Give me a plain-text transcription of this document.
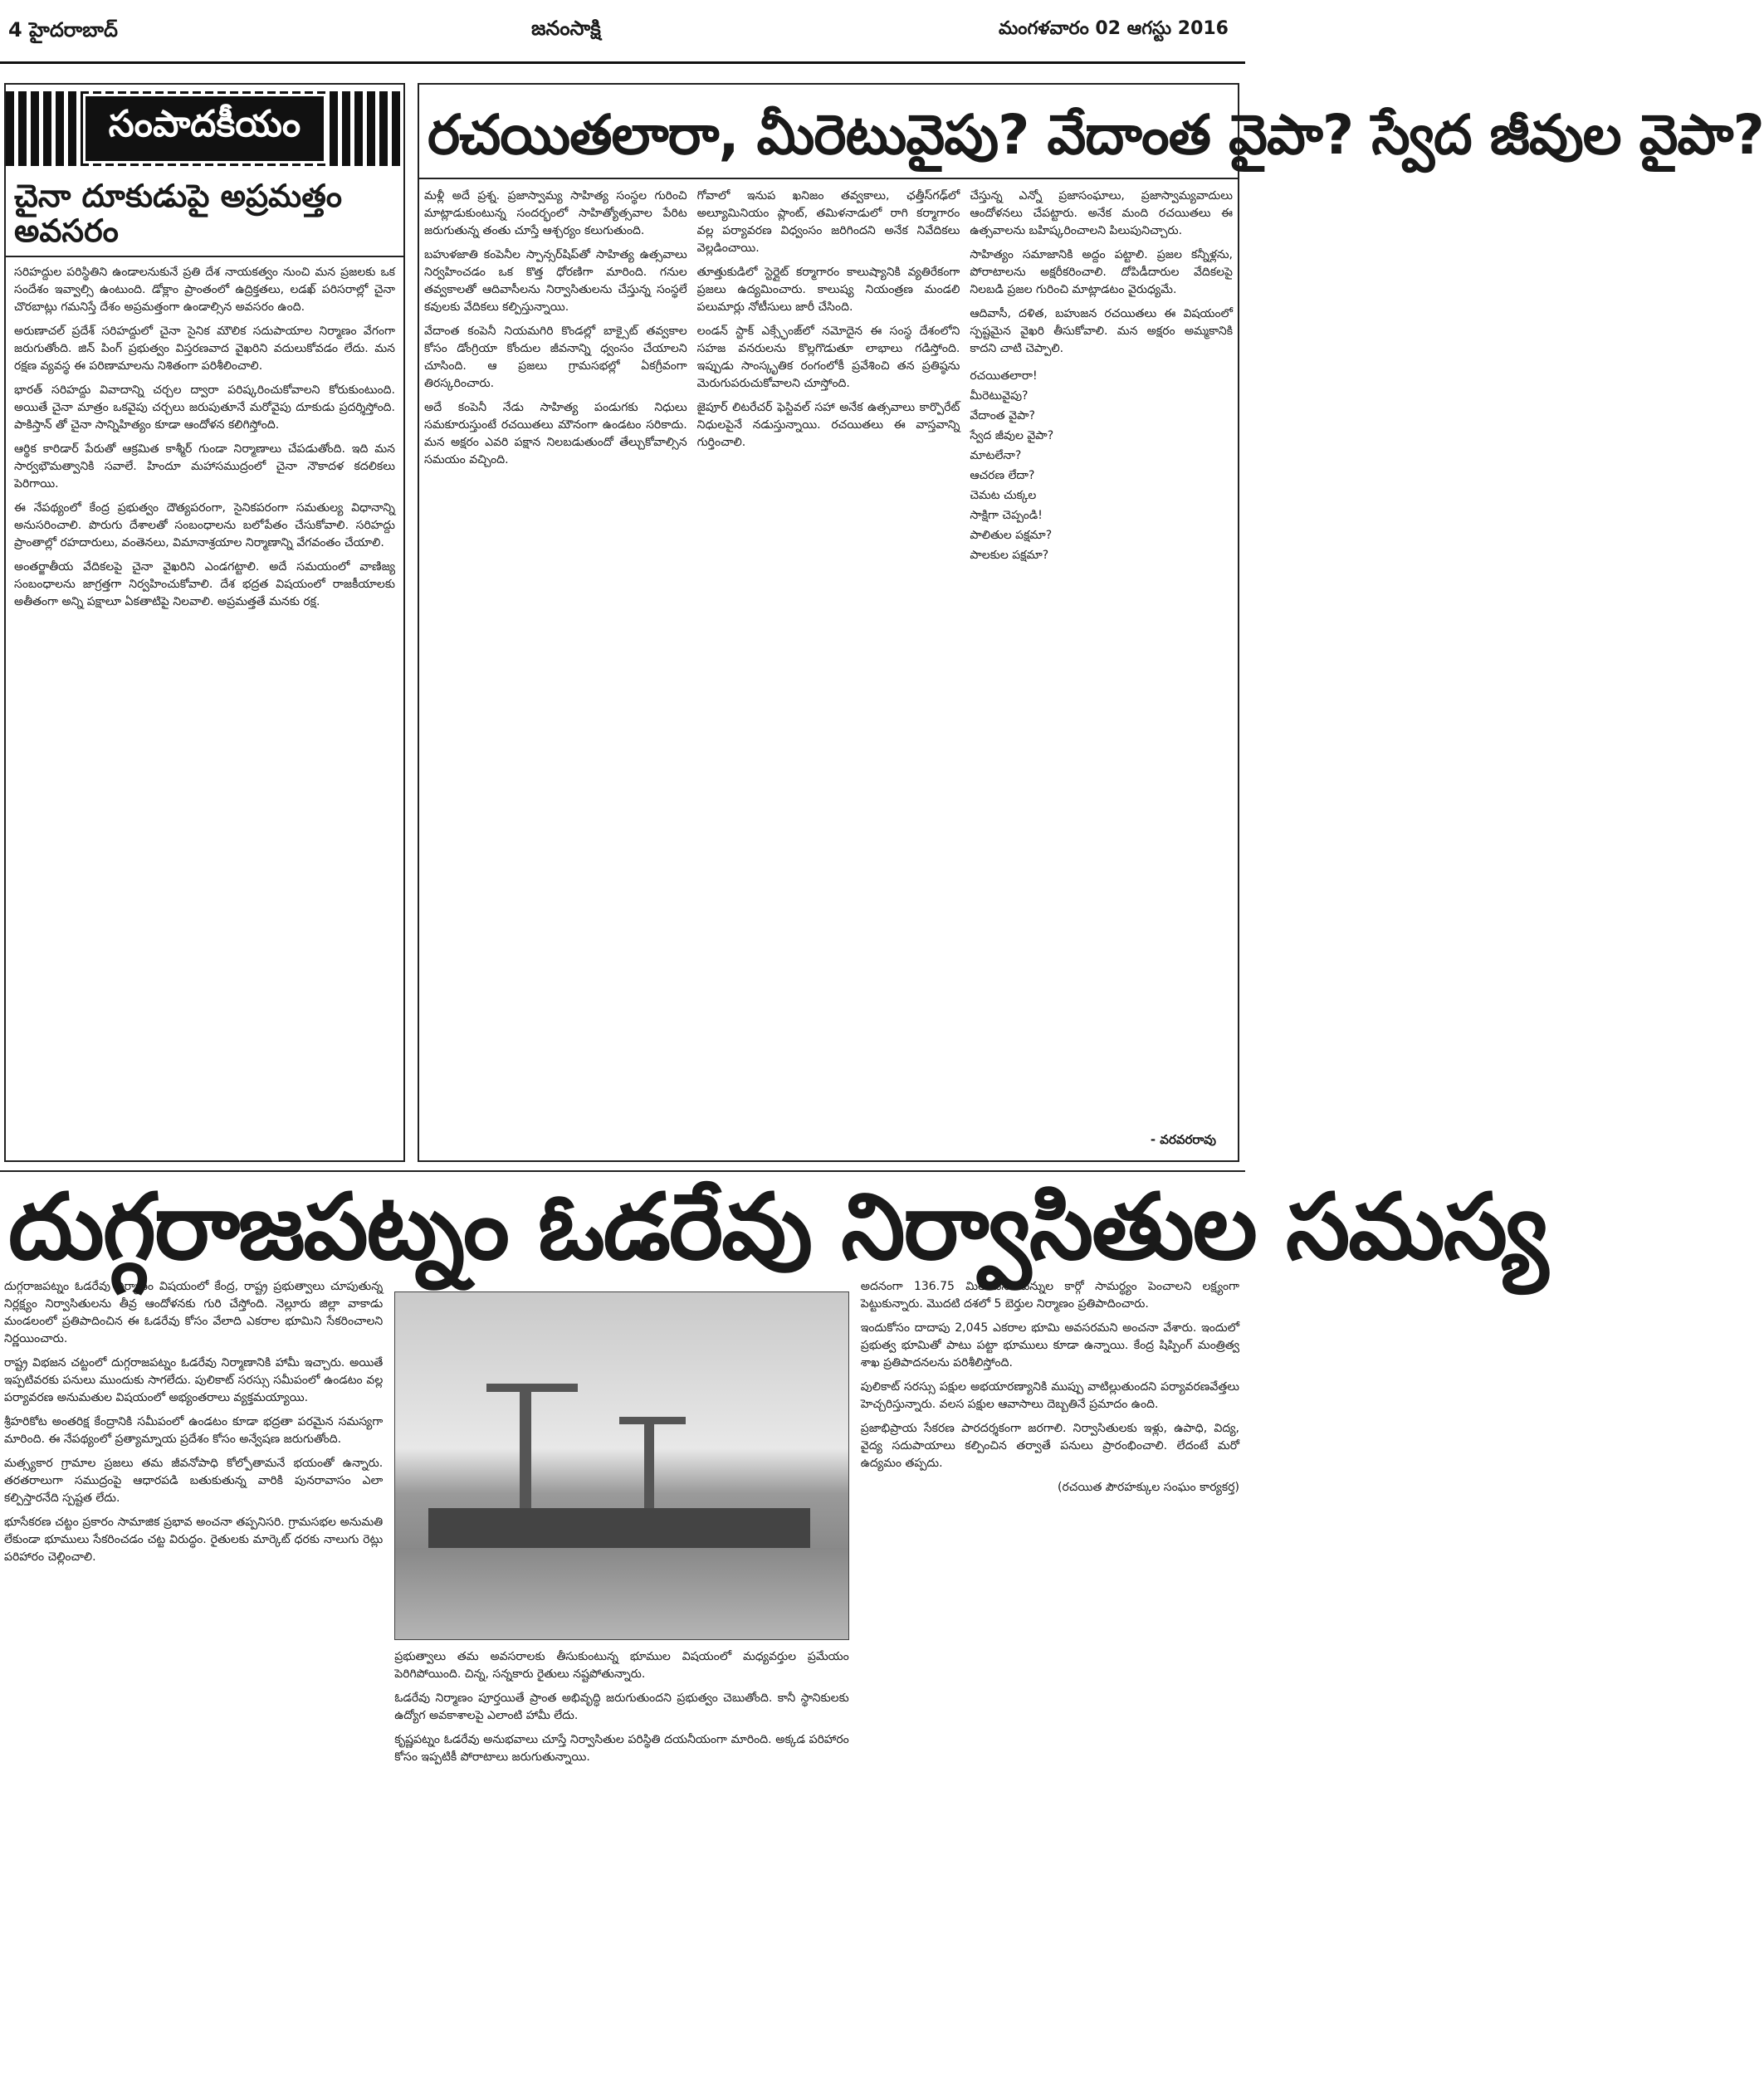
4 హైదరాబాద్	జనంసాక్షి	మంగళవారం 02 ఆగస్టు 2016
సంపాదకీయం
చైనా దూకుడుపై అప్రమత్తం అవసరం

సరిహద్దుల పరిస్థితిని ఉండాలనుకునే ప్రతి దేశ నాయకత్వం నుంచి మన ప్రజలకు ఒక సందేశం ఇవ్వాల్సి ఉంటుంది. డోక్లాం ప్రాంతంలో ఉద్రిక్తతలు, లడఖ్ పరిసరాల్లో చైనా చొరబాట్లు గమనిస్తే దేశం అప్రమత్తంగా ఉండాల్సిన అవసరం ఉంది.

అరుణాచల్ ప్రదేశ్ సరిహద్దులో చైనా సైనిక మౌలిక సదుపాయాల నిర్మాణం వేగంగా జరుగుతోంది. జిన్ పింగ్ ప్రభుత్వం విస్తరణవాద వైఖరిని వదులుకోవడం లేదు. మన రక్షణ వ్యవస్థ ఈ పరిణామాలను నిశితంగా పరిశీలించాలి.

భారత్ సరిహద్దు వివాదాన్ని చర్చల ద్వారా పరిష్కరించుకోవాలని కోరుకుంటుంది. అయితే చైనా మాత్రం ఒకవైపు చర్చలు జరుపుతూనే మరోవైపు దూకుడు ప్రదర్శిస్తోంది. పాకిస్తాన్ తో చైనా సాన్నిహిత్యం కూడా ఆందోళన కలిగిస్తోంది.

ఆర్థిక కారిడార్ పేరుతో ఆక్రమిత కాశ్మీర్ గుండా నిర్మాణాలు చేపడుతోంది. ఇది మన సార్వభౌమత్వానికి సవాలే. హిందూ మహాసముద్రంలో చైనా నౌకాదళ కదలికలు పెరిగాయి.

ఈ నేపథ్యంలో కేంద్ర ప్రభుత్వం దౌత్యపరంగా, సైనికపరంగా సమతుల్య విధానాన్ని అనుసరించాలి. పొరుగు దేశాలతో సంబంధాలను బలోపేతం చేసుకోవాలి. సరిహద్దు ప్రాంతాల్లో రహదారులు, వంతెనలు, విమానాశ్రయాల నిర్మాణాన్ని వేగవంతం చేయాలి.

అంతర్జాతీయ వేదికలపై చైనా వైఖరిని ఎండగట్టాలి. అదే సమయంలో వాణిజ్య సంబంధాలను జాగ్రత్తగా నిర్వహించుకోవాలి. దేశ భద్రత విషయంలో రాజకీయాలకు అతీతంగా అన్ని పక్షాలూ ఏకతాటిపై నిలవాలి. అప్రమత్తతే మనకు రక్ష.

రచయితలారా, మీరెటువైపు? వేదాంత వైపా? స్వేద జీవుల వైపా?

మళ్లీ అదే ప్రశ్న. ప్రజాస్వామ్య సాహిత్య సంస్థల గురించి మాట్లాడుకుంటున్న సందర్భంలో సాహిత్యోత్సవాల పేరిట జరుగుతున్న తంతు చూస్తే ఆశ్చర్యం కలుగుతుంది.

బహుళజాతి కంపెనీల స్పాన్సర్‌షిప్‌తో సాహిత్య ఉత్సవాలు నిర్వహించడం ఒక కొత్త ధోరణిగా మారింది. గనుల తవ్వకాలతో ఆదివాసీలను నిర్వాసితులను చేస్తున్న సంస్థలే కవులకు వేదికలు కల్పిస్తున్నాయి.

వేదాంత కంపెనీ నియమగిరి కొండల్లో బాక్సైట్ తవ్వకాల కోసం డోంగ్రియా కోందుల జీవనాన్ని ధ్వంసం చేయాలని చూసింది. ఆ ప్రజలు గ్రామసభల్లో ఏకగ్రీవంగా తిరస్కరించారు.

అదే కంపెనీ నేడు సాహిత్య పండుగకు నిధులు సమకూరుస్తుంటే రచయితలు మౌనంగా ఉండటం సరికాదు. మన అక్షరం ఎవరి పక్షాన నిలబడుతుందో తేల్చుకోవాల్సిన సమయం వచ్చింది.

గోవాలో ఇనుప ఖనిజం తవ్వకాలు, ఛత్తీస్‌గఢ్‌లో అల్యూమినియం ప్లాంట్, తమిళనాడులో రాగి కర్మాగారం వల్ల పర్యావరణ విధ్వంసం జరిగిందని అనేక నివేదికలు వెల్లడించాయి.

తూత్తుకుడిలో స్టెర్లైట్ కర్మాగారం కాలుష్యానికి వ్యతిరేకంగా ప్రజలు ఉద్యమించారు. కాలుష్య నియంత్రణ మండలి పలుమార్లు నోటీసులు జారీ చేసింది.

లండన్ స్టాక్ ఎక్స్ఛేంజ్‌లో నమోదైన ఈ సంస్థ దేశంలోని సహజ వనరులను కొల్లగొడుతూ లాభాలు గడిస్తోంది. ఇప్పుడు సాంస్కృతిక రంగంలోకీ ప్రవేశించి తన ప్రతిష్ఠను మెరుగుపరుచుకోవాలని చూస్తోంది.

జైపూర్ లిటరేచర్ ఫెస్టివల్ సహా అనేక ఉత్సవాలు కార్పొరేట్ నిధులపైనే నడుస్తున్నాయి. రచయితలు ఈ వాస్తవాన్ని గుర్తించాలి.

చేస్తున్న ఎన్నో ప్రజాసంఘాలు, ప్రజాస్వామ్యవాదులు ఆందోళనలు చేపట్టారు. అనేక మంది రచయితలు ఈ ఉత్సవాలను బహిష్కరించాలని పిలుపునిచ్చారు.

సాహిత్యం సమాజానికి అద్దం పట్టాలి. ప్రజల కన్నీళ్లను, పోరాటాలను అక్షరీకరించాలి. దోపిడీదారుల వేదికలపై నిలబడి ప్రజల గురించి మాట్లాడటం వైరుధ్యమే.

ఆదివాసీ, దళిత, బహుజన రచయితలు ఈ విషయంలో స్పష్టమైన వైఖరి తీసుకోవాలి. మన అక్షరం అమ్మకానికి కాదని చాటి చెప్పాలి.

రచయితలారా!
మీరెటువైపు?
వేదాంత వైపా?
స్వేద జీవుల వైపా?
మాటలేనా?
ఆచరణ లేదా?
చెమట చుక్కల
సాక్షిగా చెప్పండి!
పాలితుల పక్షమా?
పాలకుల పక్షమా?
- వరవరరావు
దుగ్గరాజపట్నం ఓడరేవు నిర్వాసితుల సమస్య

దుగ్గరాజపట్నం ఓడరేవు నిర్మాణం విషయంలో కేంద్ర, రాష్ట్ర ప్రభుత్వాలు చూపుతున్న నిర్లక్ష్యం నిర్వాసితులను తీవ్ర ఆందోళనకు గురి చేస్తోంది. నెల్లూరు జిల్లా వాకాడు మండలంలో ప్రతిపాదించిన ఈ ఓడరేవు కోసం వేలాది ఎకరాల భూమిని సేకరించాలని నిర్ణయించారు.

రాష్ట్ర విభజన చట్టంలో దుగ్గరాజపట్నం ఓడరేవు నిర్మాణానికి హామీ ఇచ్చారు. అయితే ఇప్పటివరకు పనులు ముందుకు సాగలేదు. పులికాట్ సరస్సు సమీపంలో ఉండటం వల్ల పర్యావరణ అనుమతుల విషయంలో అభ్యంతరాలు వ్యక్తమయ్యాయి.

శ్రీహరికోట అంతరిక్ష కేంద్రానికి సమీపంలో ఉండటం కూడా భద్రతా పరమైన సమస్యగా మారింది. ఈ నేపథ్యంలో ప్రత్యామ్నాయ ప్రదేశం కోసం అన్వేషణ జరుగుతోంది.

మత్స్యకార గ్రామాల ప్రజలు తమ జీవనోపాధి కోల్పోతామనే భయంతో ఉన్నారు. తరతరాలుగా సముద్రంపై ఆధారపడి బతుకుతున్న వారికి పునరావాసం ఎలా కల్పిస్తారనేది స్పష్టత లేదు.

భూసేకరణ చట్టం ప్రకారం సామాజిక ప్రభావ అంచనా తప్పనిసరి. గ్రామసభల అనుమతి లేకుండా భూములు సేకరించడం చట్ట విరుద్ధం. రైతులకు మార్కెట్ ధరకు నాలుగు రెట్లు పరిహారం చెల్లించాలి.

ప్రభుత్వాలు తమ అవసరాలకు తీసుకుంటున్న భూముల విషయంలో మధ్యవర్తుల ప్రమేయం పెరిగిపోయింది. చిన్న, సన్నకారు రైతులు నష్టపోతున్నారు.

ఓడరేవు నిర్మాణం పూర్తయితే ప్రాంత అభివృద్ధి జరుగుతుందని ప్రభుత్వం చెబుతోంది. కానీ స్థానికులకు ఉద్యోగ అవకాశాలపై ఎలాంటి హామీ లేదు.

కృష్ణపట్నం ఓడరేవు అనుభవాలు చూస్తే నిర్వాసితుల పరిస్థితి దయనీయంగా మారింది. అక్కడ పరిహారం కోసం ఇప్పటికీ పోరాటాలు జరుగుతున్నాయి.

అదనంగా 136.75 మిలియన్ టన్నుల కార్గో సామర్థ్యం పెంచాలని లక్ష్యంగా పెట్టుకున్నారు. మొదటి దశలో 5 బెర్తుల నిర్మాణం ప్రతిపాదించారు.

ఇందుకోసం దాదాపు 2,045 ఎకరాల భూమి అవసరమని అంచనా వేశారు. ఇందులో ప్రభుత్వ భూమితో పాటు పట్టా భూములు కూడా ఉన్నాయి. కేంద్ర షిప్పింగ్ మంత్రిత్వ శాఖ ప్రతిపాదనలను పరిశీలిస్తోంది.

పులికాట్ సరస్సు పక్షుల అభయారణ్యానికి ముప్పు వాటిల్లుతుందని పర్యావరణవేత్తలు హెచ్చరిస్తున్నారు. వలస పక్షుల ఆవాసాలు దెబ్బతినే ప్రమాదం ఉంది.

ప్రజాభిప్రాయ సేకరణ పారదర్శకంగా జరగాలి. నిర్వాసితులకు ఇళ్లు, ఉపాధి, విద్య, వైద్య సదుపాయాలు కల్పించిన తర్వాతే పనులు ప్రారంభించాలి. లేదంటే మరో ఉద్యమం తప్పదు.

(రచయిత పౌరహక్కుల సంఘం కార్యకర్త)
